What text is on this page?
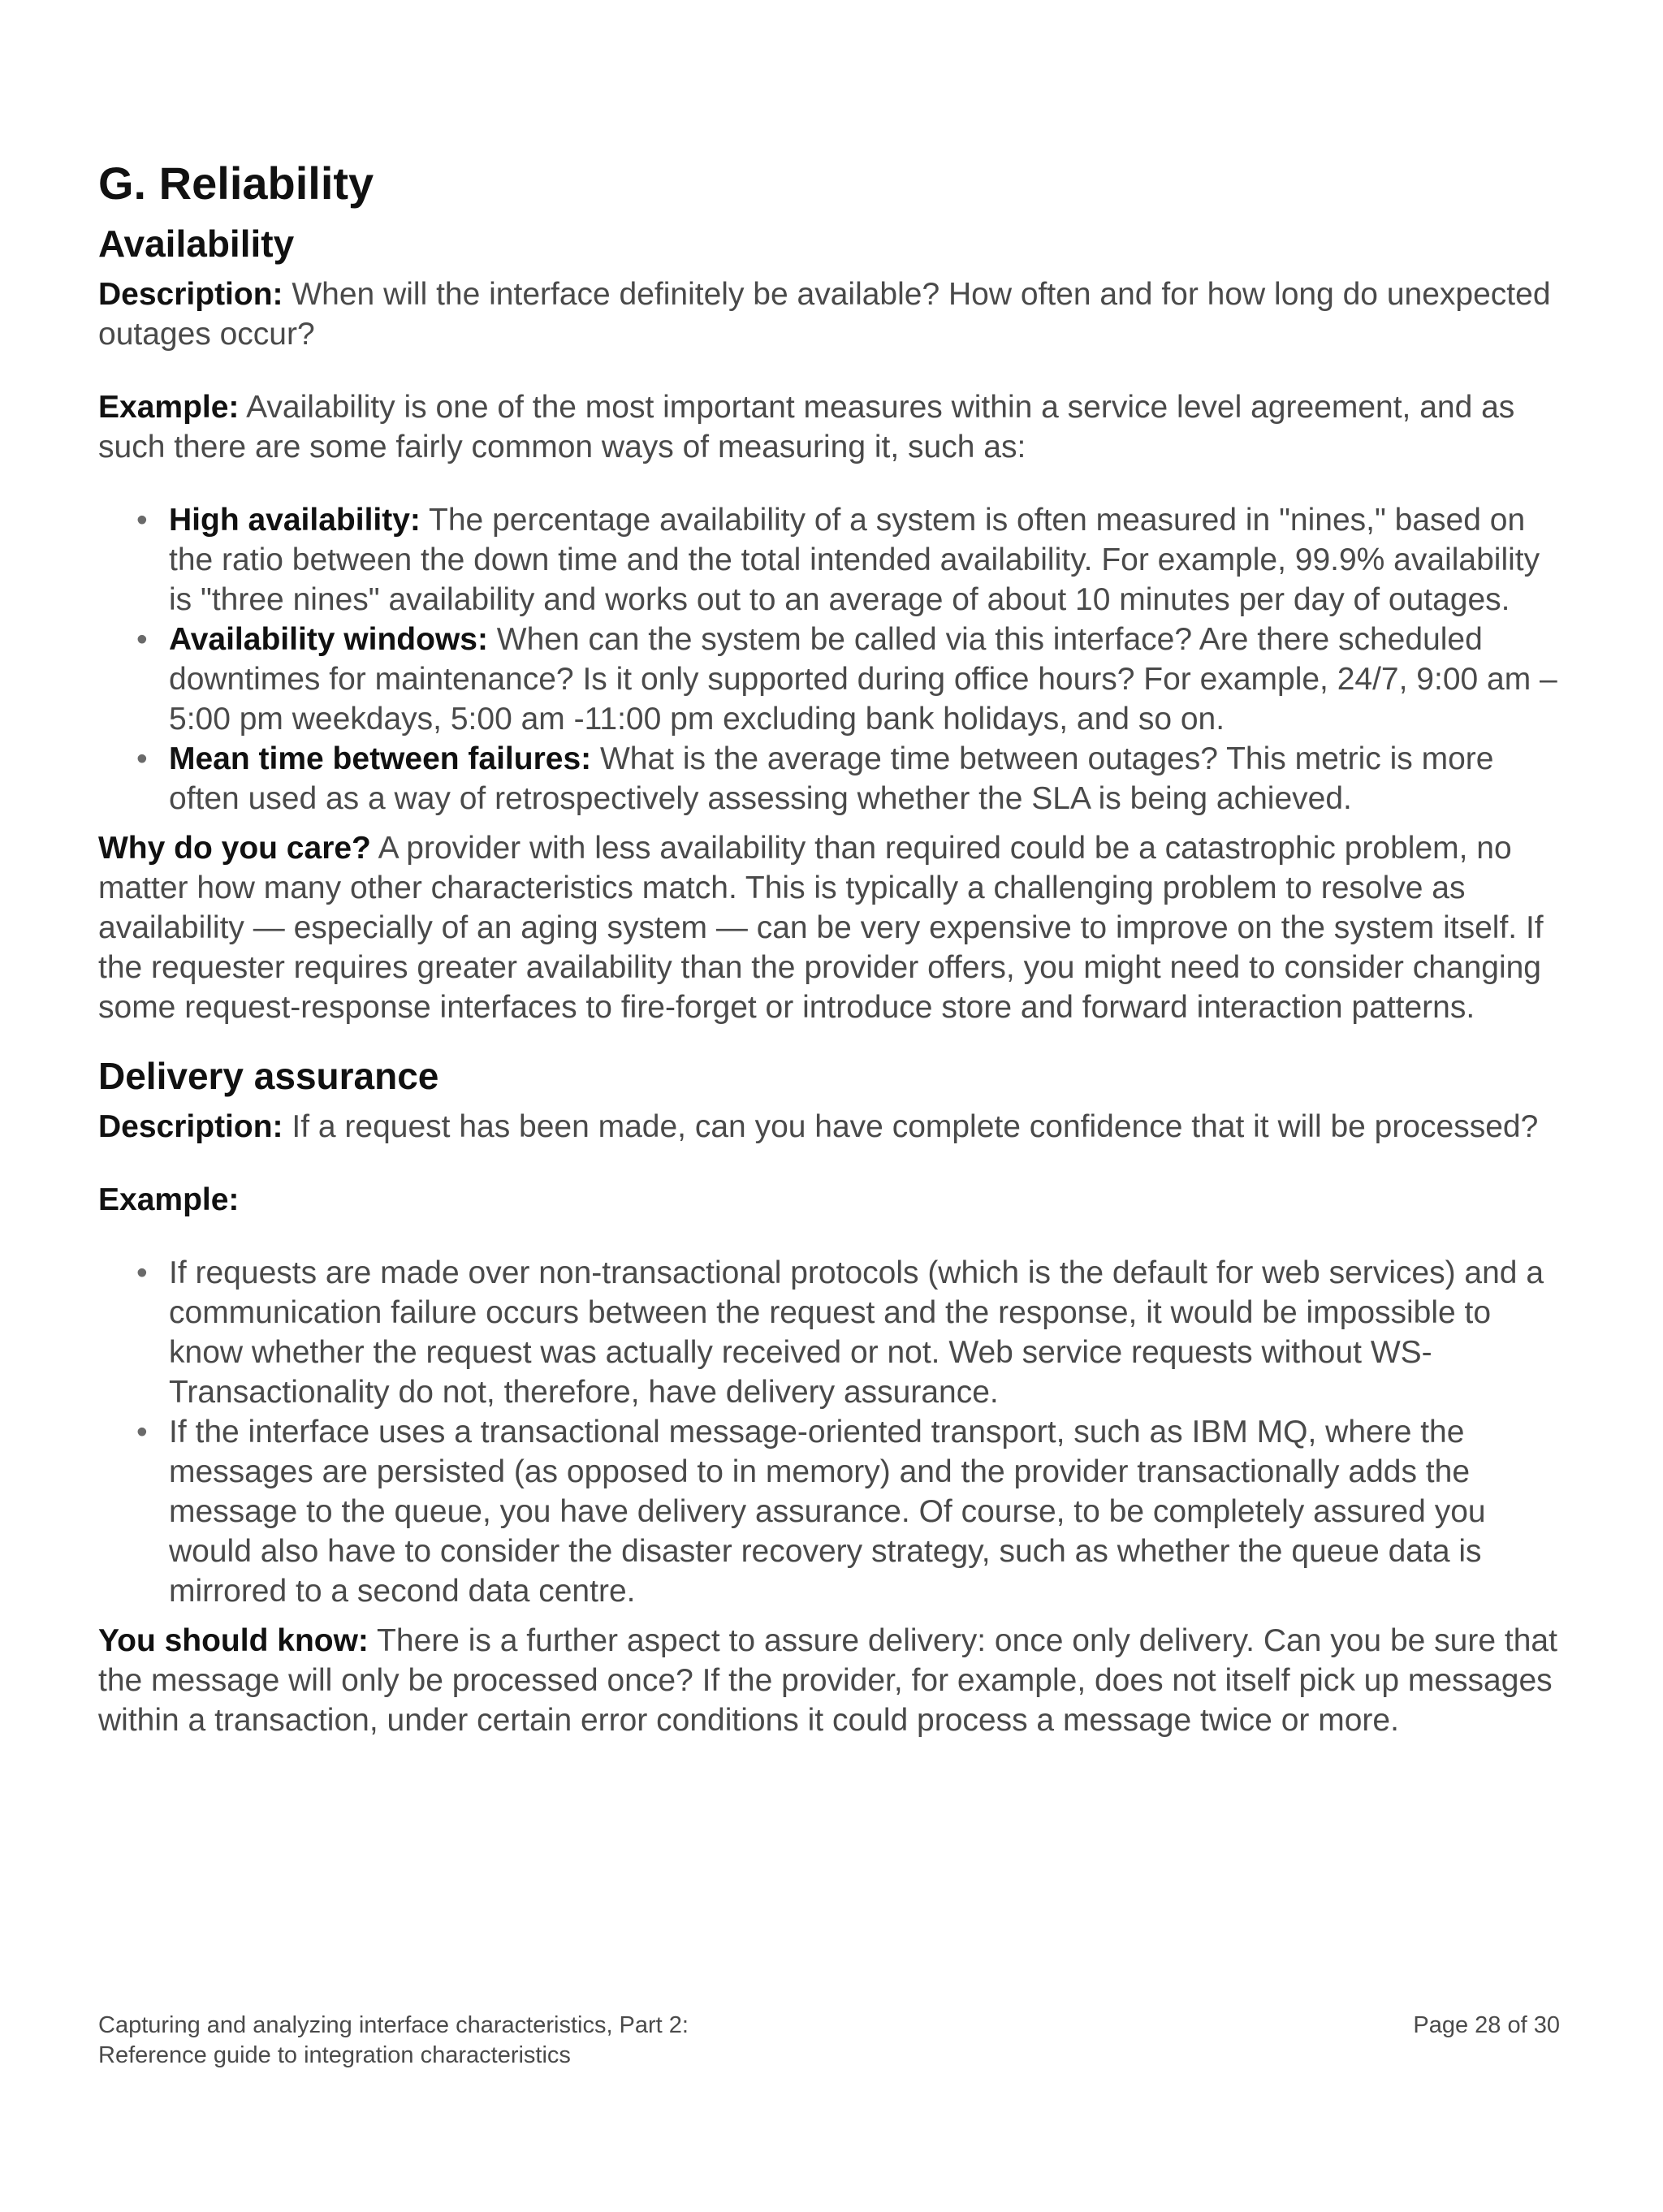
G. Reliability
Availability

Description: When will the interface definitely be available? How often and for how long do unexpected outages occur?

Example: Availability is one of the most important measures within a service level agreement, and as such there are some fairly common ways of measuring it, such as:

• High availability: The percentage availability of a system is often measured in "nines," based on the ratio between the down time and the total intended availability. For example, 99.9% availability is "three nines" availability and works out to an average of about 10 minutes per day of outages.
• Availability windows: When can the system be called via this interface? Are there scheduled downtimes for maintenance? Is it only supported during office hours? For example, 24/7, 9:00 am – 5:00 pm weekdays, 5:00 am -11:00 pm excluding bank holidays, and so on.
• Mean time between failures: What is the average time between outages? This metric is more often used as a way of retrospectively assessing whether the SLA is being achieved.

Why do you care? A provider with less availability than required could be a catastrophic problem, no matter how many other characteristics match. This is typically a challenging problem to resolve as availability — especially of an aging system — can be very expensive to improve on the system itself. If the requester requires greater availability than the provider offers, you might need to consider changing some request-response interfaces to fire-forget or introduce store and forward interaction patterns.

Delivery assurance

Description: If a request has been made, can you have complete confidence that it will be processed?

Example:

• If requests are made over non-transactional protocols (which is the default for web services) and a communication failure occurs between the request and the response, it would be impossible to know whether the request was actually received or not. Web service requests without WS-Transactionality do not, therefore, have delivery assurance.
• If the interface uses a transactional message-oriented transport, such as IBM MQ, where the messages are persisted (as opposed to in memory) and the provider transactionally adds the message to the queue, you have delivery assurance. Of course, to be completely assured you would also have to consider the disaster recovery strategy, such as whether the queue data is mirrored to a second data centre.

You should know: There is a further aspect to assure delivery: once only delivery. Can you be sure that the message will only be processed once? If the provider, for example, does not itself pick up messages within a transaction, under certain error conditions it could process a message twice or more.

Capturing and analyzing interface characteristics, Part 2:
Reference guide to integration characteristics
Page 28 of 30
